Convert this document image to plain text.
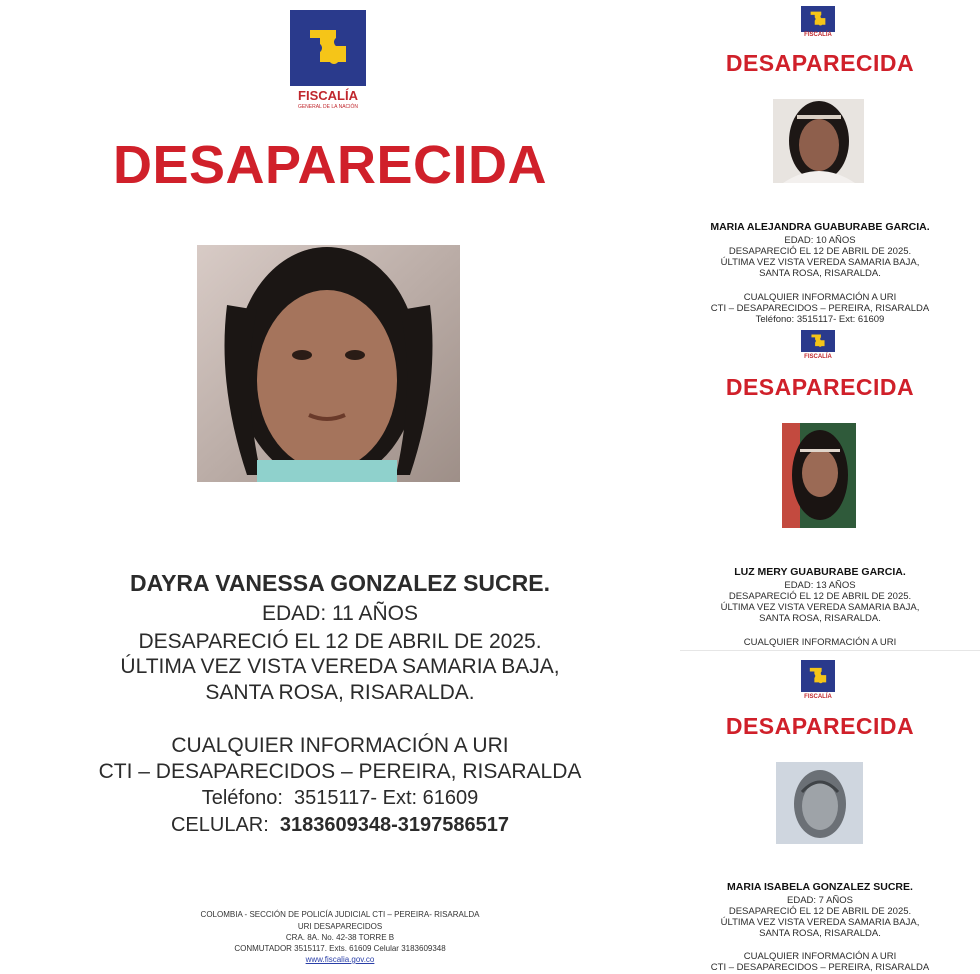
FISCALÍA
GENERAL DE LA NACIÓN
DESAPARECIDA
DAYRA VANESSA GONZALEZ SUCRE.
EDAD: 11 AÑOS
DESAPARECIÓ EL 12 DE ABRIL DE 2025.
ÚLTIMA VEZ VISTA VEREDA SAMARIA BAJA,
SANTA ROSA, RISARALDA.
CUALQUIER INFORMACIÓN A URI
CTI – DESAPARECIDOS – PEREIRA, RISARALDA
Teléfono: 3515117- Ext: 61609
CELULAR: 3183609348-3197586517
COLOMBIA - SECCIÓN DE POLICÍA JUDICIAL CTI – PEREIRA- RISARALDA
URI DESAPARECIDOS
CRA. 8A. No. 42-38 TORRE B
CONMUTADOR 3515117. Exts. 61609 Celular 3183609348
www.fiscalia.gov.co
FISCALÍA
DESAPARECIDA
MARIA ALEJANDRA GUABURABE GARCIA.
EDAD: 10 AÑOS
DESAPARECIÓ EL 12 DE ABRIL DE 2025.
ÚLTIMA VEZ VISTA VEREDA SAMARIA BAJA,
SANTA ROSA, RISARALDA.
CUALQUIER INFORMACIÓN A URI
CTI – DESAPARECIDOS – PEREIRA, RISARALDA
Teléfono: 3515117- Ext: 61609
FISCALÍA
DESAPARECIDA
LUZ MERY GUABURABE GARCIA.
EDAD: 13 AÑOS
DESAPARECIÓ EL 12 DE ABRIL DE 2025.
ÚLTIMA VEZ VISTA VEREDA SAMARIA BAJA,
SANTA ROSA, RISARALDA.
CUALQUIER INFORMACIÓN A URI
FISCALÍA
DESAPARECIDA
MARIA ISABELA GONZALEZ SUCRE.
EDAD: 7 AÑOS
DESAPARECIÓ EL 12 DE ABRIL DE 2025.
ÚLTIMA VEZ VISTA VEREDA SAMARIA BAJA,
SANTA ROSA, RISARALDA.
CUALQUIER INFORMACIÓN A URI
CTI – DESAPARECIDOS – PEREIRA, RISARALDA
